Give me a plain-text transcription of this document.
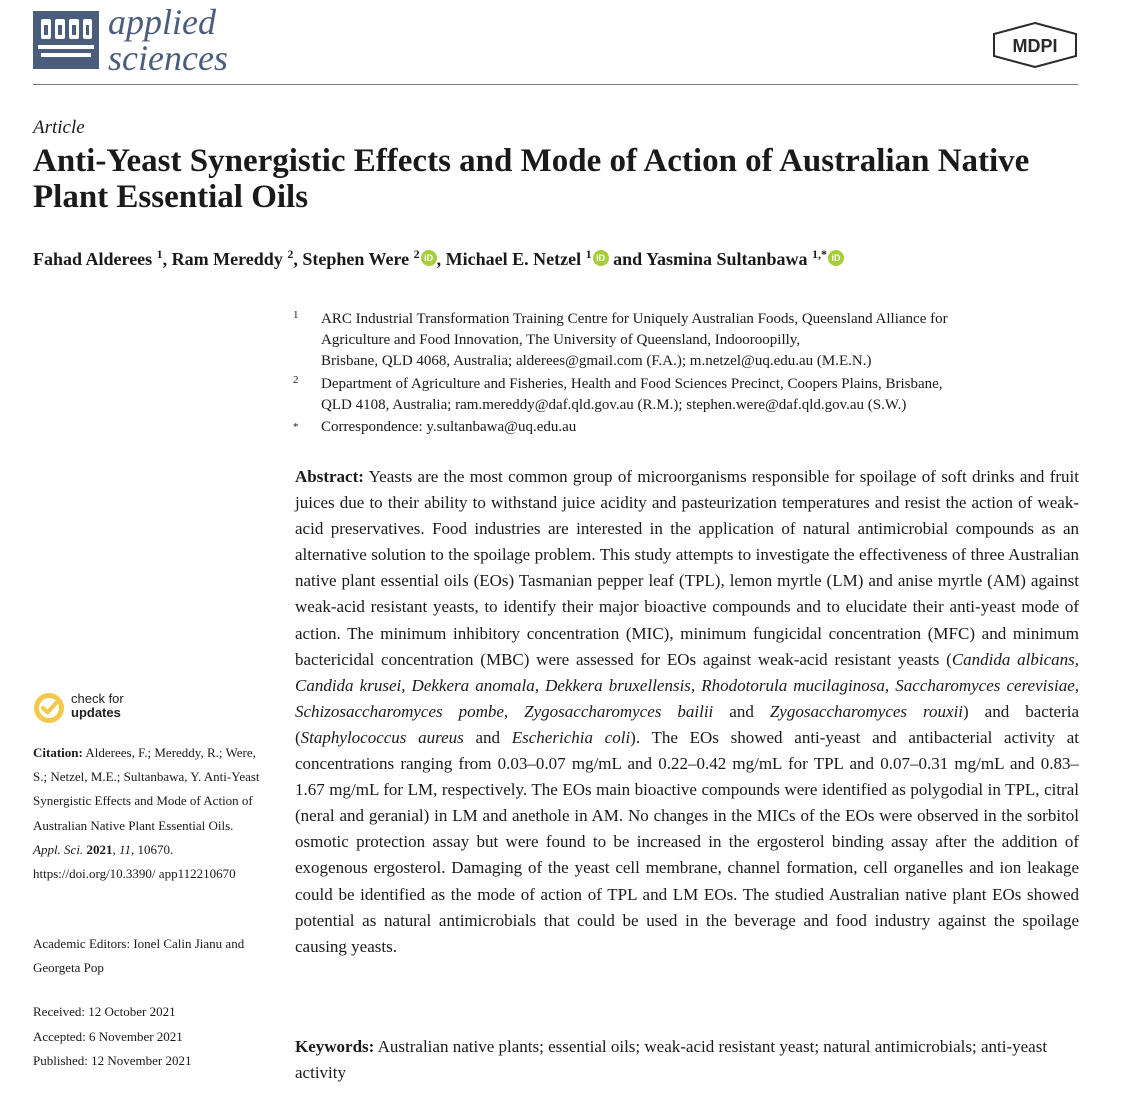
applied
sciences	MDPI
Article
Anti-Yeast Synergistic Effects and Mode of Action of Australian Native Plant Essential Oils
Fahad Alderees $^1$, Ram Mereddy $^2$, Stephen Were $^2$ iD , Michael E. Netzel $^1$ iD and Yasmina Sultanbawa $^{1,*}$ iD
1 ARC Industrial Transformation Training Centre for Uniquely Australian Foods, Queensland Alliance for
Agriculture and Food Innovation, The University of Queensland, Indooroopilly,
Brisbane, QLD 4068, Australia; alderees@gmail.com (F.A.); m.netzel@uq.edu.au (M.E.N.)
2 Department of Agriculture and Fisheries, Health and Food Sciences Precinct, Coopers Plains, Brisbane,
QLD 4108, Australia; ram.mereddy@daf.qld.gov.au (R.M.); stephen.were@daf.qld.gov.au (S.W.)
* Correspondence: y.sultanbawa@uq.edu.au
Abstract: Yeasts are the most common group of microorganisms responsible for spoilage of soft drinks and fruit juices due to their ability to withstand juice acidity and pasteurization temperatures and resist the action of weak-acid preservatives. Food industries are interested in the application of natural antimicrobial compounds as an alternative solution to the spoilage problem. This study attempts to investigate the effectiveness of three Australian native plant essential oils (EOs) Tasmanian pepper leaf (TPL), lemon myrtle (LM) and anise myrtle (AM) against weak-acid resistant yeasts, to identify their major bioactive compounds and to elucidate their anti-yeast mode of action. The minimum inhibitory concentration (MIC), minimum fungicidal concentration (MFC) and minimum bactericidal concentration (MBC) were assessed for EOs against weak-acid resistant yeasts (Candida albicans, Candida krusei, Dekkera anomala, Dekkera bruxellensis, Rhodotorula mucilaginosa, Saccharomyces cerevisiae, Schizosaccharomyces pombe, Zygosaccharomyces bailii and Zygosaccharomyces rouxii) and bacteria (Staphylococcus aureus and Escherichia coli). The EOs showed anti-yeast and antibacterial activity at concentrations ranging from 0.03–0.07 mg/mL and 0.22–0.42 mg/mL for TPL and 0.07–0.31 mg/mL and 0.83–1.67 mg/mL for LM, respectively. The EOs main bioactive compounds were identified as polygodial in TPL, citral (neral and geranial) in LM and anethole in AM. No changes in the MICs of the EOs were observed in the sorbitol osmotic protection assay but were found to be increased in the ergosterol binding assay after the addition of exogenous ergosterol. Damaging of the yeast cell membrane, channel formation, cell organelles and ion leakage could be identified as the mode of action of TPL and LM EOs. The studied Australian native plant EOs showed potential as natural antimicrobials that could be used in the beverage and food industry against the spoilage causing yeasts.
Keywords: Australian native plants; essential oils; weak-acid resistant yeast; natural antimicrobials; anti-yeast activity
check for
updates
Citation: Alderees, F.; Mereddy, R.; Were, S.; Netzel, M.E.; Sultanbawa, Y. Anti-Yeast Synergistic Effects and Mode of Action of Australian Native Plant Essential Oils. Appl. Sci. 2021, 11, 10670. https://doi.org/10.3390/ app112210670
Academic Editors: Ionel Calin Jianu and Georgeta Pop
Received: 12 October 2021
Accepted: 6 November 2021
Published: 12 November 2021
